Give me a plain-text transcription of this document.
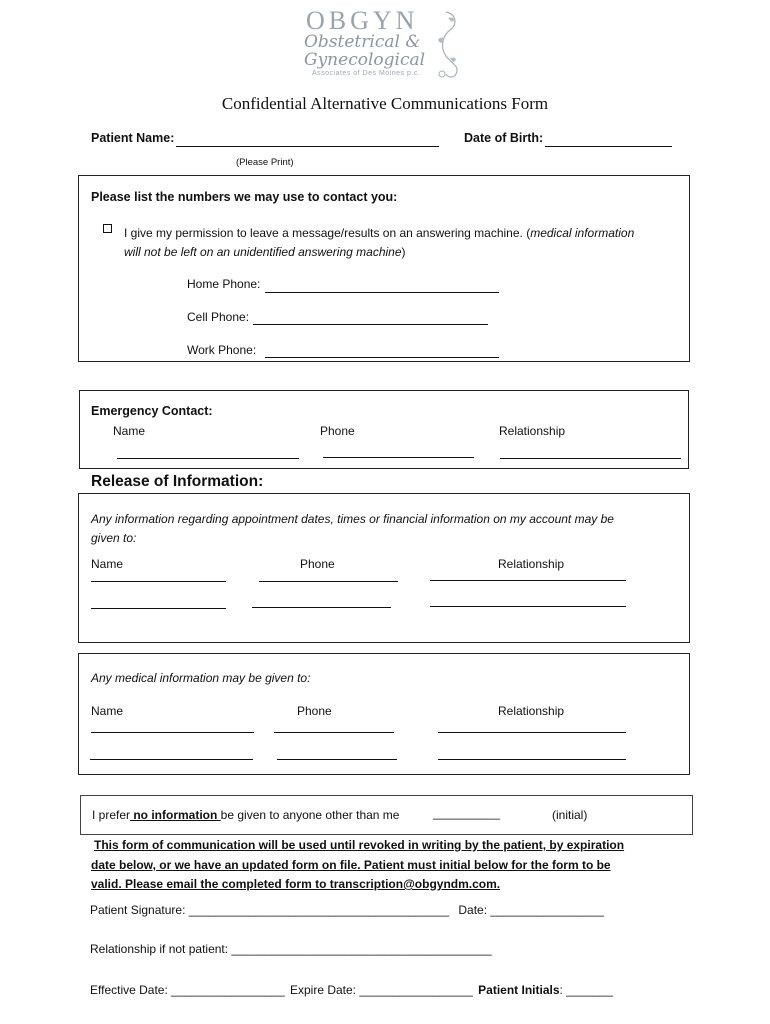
OBGYN
Obstetrical &
Gynecological
Associates of Des Moines p.c.
Confidential Alternative Communications Form
Patient Name:	Date of Birth:
(Please Print)
Please list the numbers we may use to contact you:
I give my permission to leave a message/results on an answering machine. (medical information
will not be left on an unidentified answering machine)
Home Phone:
Cell Phone:
Work Phone:
Emergency Contact:
Name	Phone	Relationship
Release of Information:
Any information regarding appointment dates, times or financial information on my account may be
given to:
Name	Phone	Relationship
Any medical information may be given to:
Name	Phone	Relationship
I prefer no information be given to anyone other than me	__________	(initial)
This form of communication will be used until revoked in writing by the patient, by expiration
date below, or we have an updated form on file. Patient must initial below for the form to be
valid. Please email the completed form to transcription@obgyndm.com.
Patient Signature: _______________________________________ Date: _________________
Relationship if not patient: _______________________________________
Effective Date: _________________ Expire Date: _________________ Patient Initials: _______
